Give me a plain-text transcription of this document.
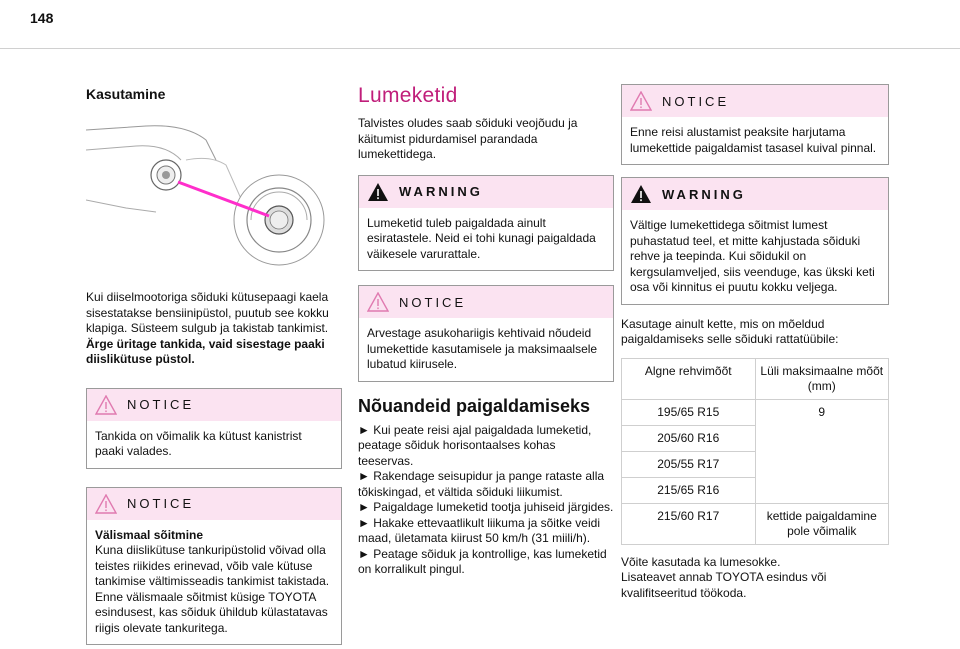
148
Kasutamine

Kui diiselmootoriga sõiduki kütusepaagi kaela sisestatakse bensiinipüstol, puutub see kokku klapiga. Süsteem sulgub ja takistab tankimist.

Ärge üritage tankida, vaid sisestage paaki diislikütuse püstol.

NOTICE
Tankida on võimalik ka kütust kanistrist paaki valades.
NOTICE
Välismaal sõitmine
Kuna diislikütuse tankuripüstolid võivad olla teistes riikides erinevad, võib vale kütuse tankimise vältimisseadis tankimist takistada. Enne välismaale sõitmist küsige TOYOTA esindusest, kas sõiduk ühildub külastatavas riigis olevate tankuritega.
Lumeketid

Talvistes oludes saab sõiduki veojõudu ja käitumist pidurdamisel parandada lumekettidega.

WARNING
Lumeketid tuleb paigaldada ainult esiratastele. Neid ei tohi kunagi paigaldada väikesele varurattale.
NOTICE
Arvestage asukohariigis kehtivaid nõudeid lumekettide kasutamisele ja maksimaalsele lubatud kiirusele.
Nõuandeid paigaldamiseks

► Kui peate reisi ajal paigaldada lumeketid, peatage sõiduk horisontaalses kohas teeservas.
► Rakendage seisupidur ja pange rataste alla tõkiskingad, et vältida sõiduki liikumist.
► Paigaldage lumeketid tootja juhiseid järgides.
► Hakake ettevaatlikult liikuma ja sõitke veidi maad, ületamata kiirust 50 km/h (31 miili/h).
► Peatage sõiduk ja kontrollige, kas lumeketid on korralikult pingul.

NOTICE
Enne reisi alustamist peaksite harjutama lumekettide paigaldamist tasasel kuival pinnal.
WARNING
Vältige lumekettidega sõitmist lumest puhastatud teel, et mitte kahjustada sõiduki rehve ja teepinda. Kui sõidukil on kergsulamveljed, siis veenduge, kas ükski keti osa või kinnitus ei puutu kokku veljega.

Kasutage ainult kette, mis on mõeldud paigaldamiseks selle sõiduki rattatüübile:

Algne rehvimõõt	Lüli maksimaalne mõõt (mm)
195/65 R15	9
205/60 R16	
205/55 R17	
215/65 R16	
215/60 R17	kettide paigaldamine pole võimalik

Võite kasutada ka lumesokke.
Lisateavet annab TOYOTA esindus või kvalifitseeritud töökoda.
